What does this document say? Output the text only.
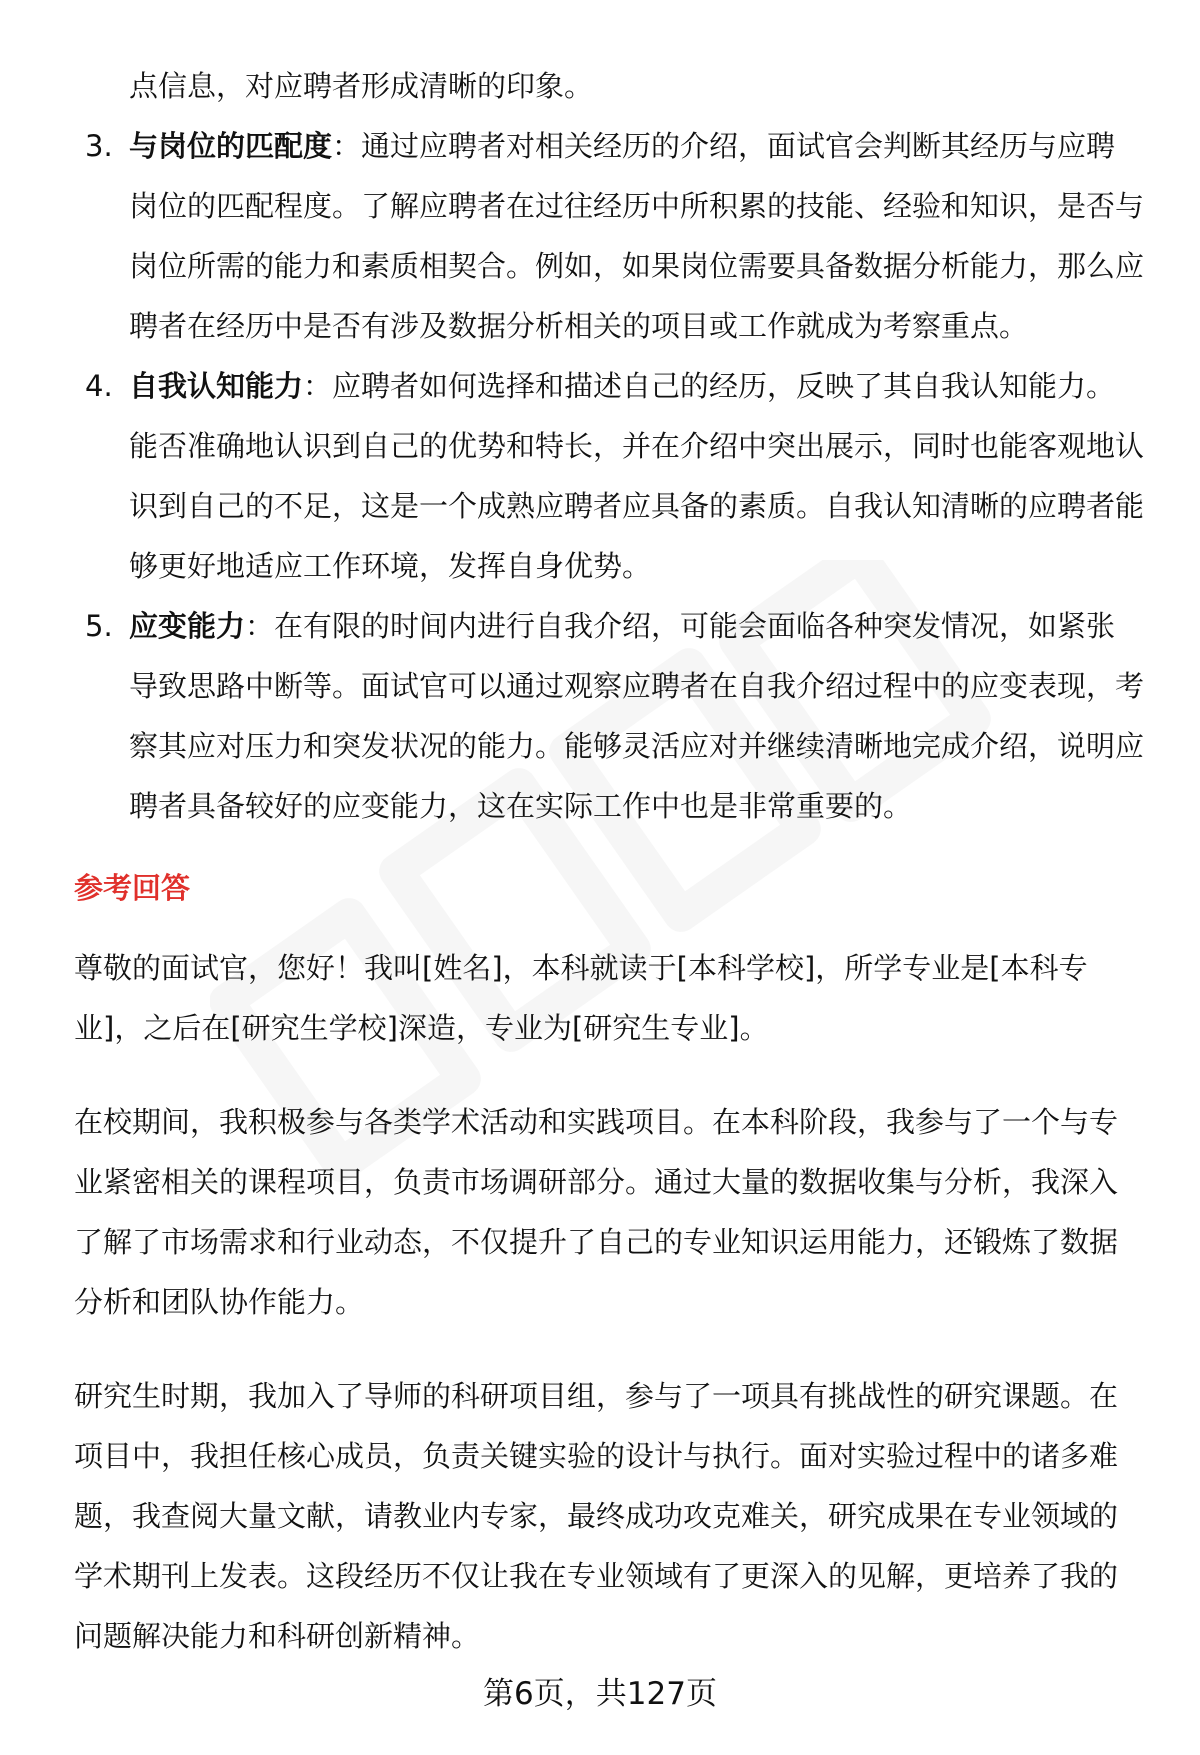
点信息，对应聘者形成清晰的印象。
3. 与岗位的匹配度：通过应聘者对相关经历的介绍，面试官会判断其经历与应聘岗位的匹配程度。了解应聘者在过往经历中所积累的技能、经验和知识，是否与岗位所需的能力和素质相契合。例如，如果岗位需要具备数据分析能力，那么应聘者在经历中是否有涉及数据分析相关的项目或工作就成为考察重点。
4. 自我认知能力：应聘者如何选择和描述自己的经历，反映了其自我认知能力。能否准确地认识到自己的优势和特长，并在介绍中突出展示，同时也能客观地认识到自己的不足，这是一个成熟应聘者应具备的素质。自我认知清晰的应聘者能够更好地适应工作环境，发挥自身优势。
5. 应变能力：在有限的时间内进行自我介绍，可能会面临各种突发情况，如紧张导致思路中断等。面试官可以通过观察应聘者在自我介绍过程中的应变表现，考察其应对压力和突发状况的能力。能够灵活应对并继续清晰地完成介绍，说明应聘者具备较好的应变能力，这在实际工作中也是非常重要的。
参考回答

尊敬的面试官，您好！我叫[姓名]，本科就读于[本科学校]，所学专业是[本科专业]，之后在[研究生学校]深造，专业为[研究生专业]。

在校期间，我积极参与各类学术活动和实践项目。在本科阶段，我参与了一个与专业紧密相关的课程项目，负责市场调研部分。通过大量的数据收集与分析，我深入了解了市场需求和行业动态，不仅提升了自己的专业知识运用能力，还锻炼了数据分析和团队协作能力。

研究生时期，我加入了导师的科研项目组，参与了一项具有挑战性的研究课题。在项目中，我担任核心成员，负责关键实验的设计与执行。面对实验过程中的诸多难题，我查阅大量文献，请教业内专家，最终成功攻克难关，研究成果在专业领域的学术期刊上发表。这段经历不仅让我在专业领域有了更深入的见解，更培养了我的问题解决能力和科研创新精神。

第6页，共127页
